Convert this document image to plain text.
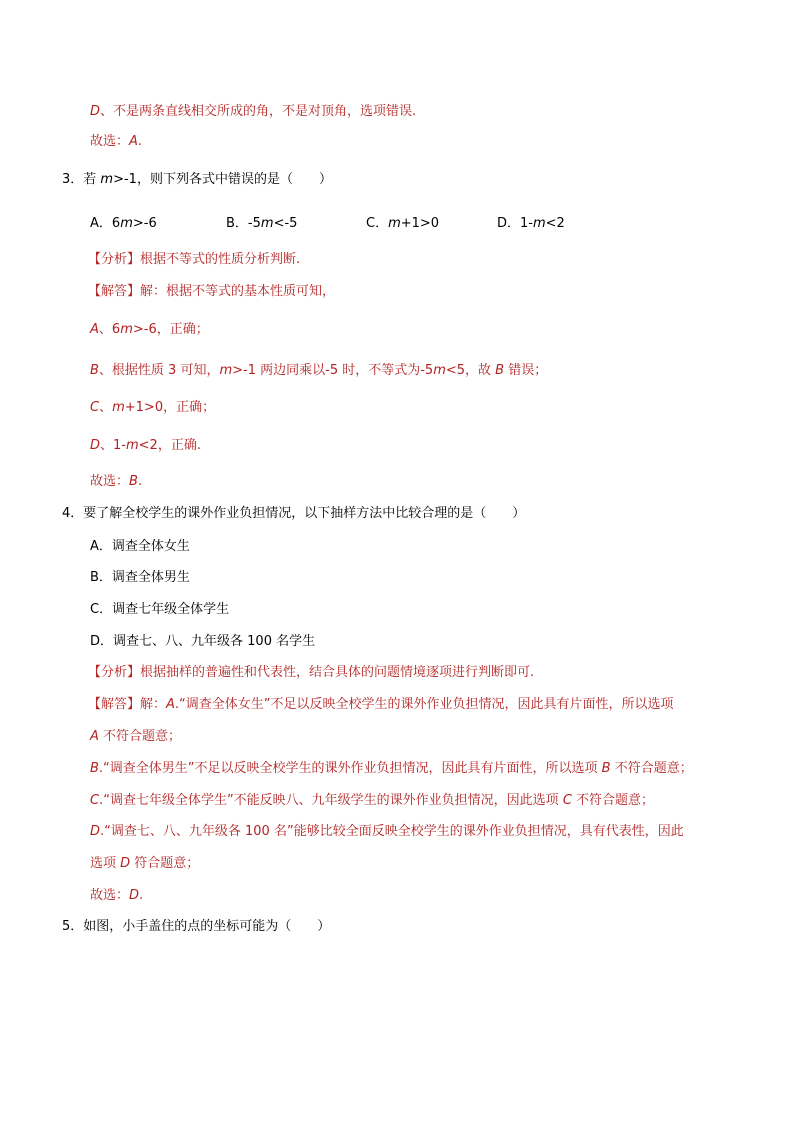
D、不是两条直线相交所成的角，不是对顶角，选项错误.
故选：A.
3．若 m>-1，则下列各式中错误的是（　　）
A．6m>-6	B．-5m<-5	C．m+1>0	D．1-m<2
【分析】根据不等式的性质分析判断.
【解答】解：根据不等式的基本性质可知，
A、6m>-6，正确；
B、根据性质 3 可知，m>-1 两边同乘以-5 时，不等式为-5m<5，故 B 错误；
C、m+1>0，正确；
D、1-m<2，正确.
故选：B.
4．要了解全校学生的课外作业负担情况，以下抽样方法中比较合理的是（　　）
A．调查全体女生
B．调查全体男生
C．调查七年级全体学生
D．调查七、八、九年级各 100 名学生
【分析】根据抽样的普遍性和代表性，结合具体的问题情境逐项进行判断即可.
【解答】解：A.“调查全体女生”不足以反映全校学生的课外作业负担情况，因此具有片面性，所以选项
A 不符合题意；
B.“调查全体男生”不足以反映全校学生的课外作业负担情况，因此具有片面性，所以选项 B 不符合题意；
C.“调查七年级全体学生”不能反映八、九年级学生的课外作业负担情况，因此选项 C 不符合题意；
D.“调查七、八、九年级各 100 名”能够比较全面反映全校学生的课外作业负担情况，具有代表性，因此
选项 D 符合题意；
故选：D.
5．如图，小手盖住的点的坐标可能为（　　）
